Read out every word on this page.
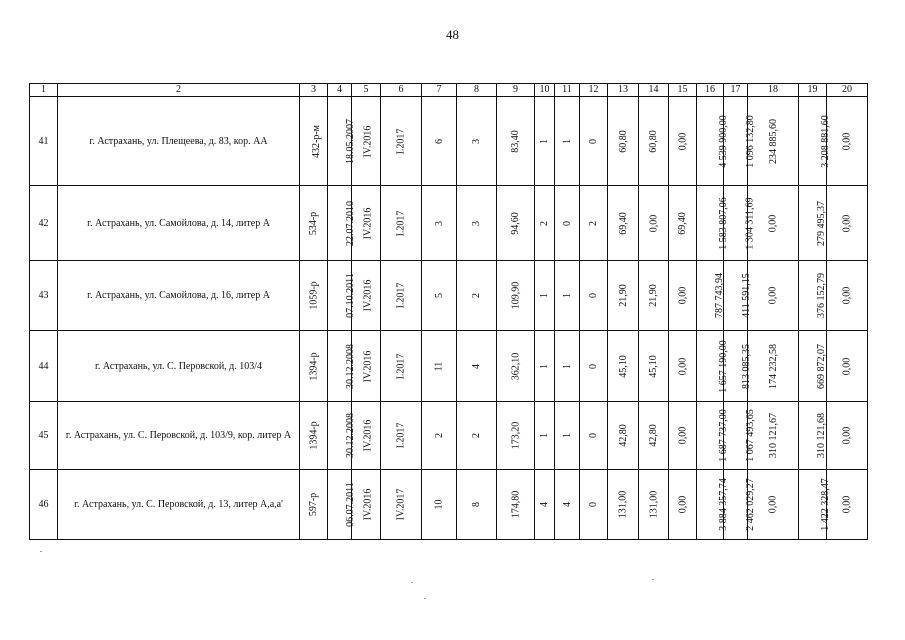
48
1	2	3	4	5	6	7	8	9	10	11	12	13	14	15	16	17	18	19	20
41	г. Астрахань, ул. Плещеева, д. 83, кор. АА	432-р-м	18.05.2007	IV.2016	I.2017	6	3	83,40	1	1	0	60,80	60,80	0,00	4 539 900,00	1 096 132,80	234 885,60	3 208 881,60	0,00
42	г. Астрахань, ул. Самойлова, д. 14, литер А	534-р	22.07.2010	IV.2016	I.2017	3	3	94,60	2	0	2	69,40	0,00	69,40	1 583 807,06	1 304 311,69	0,00	279 495,37	0,00
43	г. Астрахань, ул. Самойлова, д. 16, литер А	1059-р	07.10.2011	IV.2016	I.2017	5	2	109,90	1	1	0	21,90	21,90	0,00	787 743,94	411 591,15	0,00	376 152,79	0,00
44	г. Астрахань, ул. С. Перовской, д. 103/4	1394-р	30.12.2008	IV.2016	I.2017	11	4	362,10	1	1	0	45,10	45,10	0,00	1 657 190,00	813 085,35	174 232,58	669 872,07	0,00
45	г. Астрахань, ул. С. Перовской, д. 103/9, кор. литер А	1394-р	30.12.2008	IV.2016	I.2017	2	2	173,20	1	1	0	42,80	42,80	0,00	1 687 737,00	1 067 493,65	310 121,67	310 121,68	0,00
46	г. Астрахань, ул. С. Перовской, д. 13, литер А,а,а'	597-р	06.07.2011	IV.2016	IV.2017	10	8	174,80	4	4	0	131,00	131,00	0,00	3 884 357,74	2 462 029,27	0,00	1 422 328,47	0,00
